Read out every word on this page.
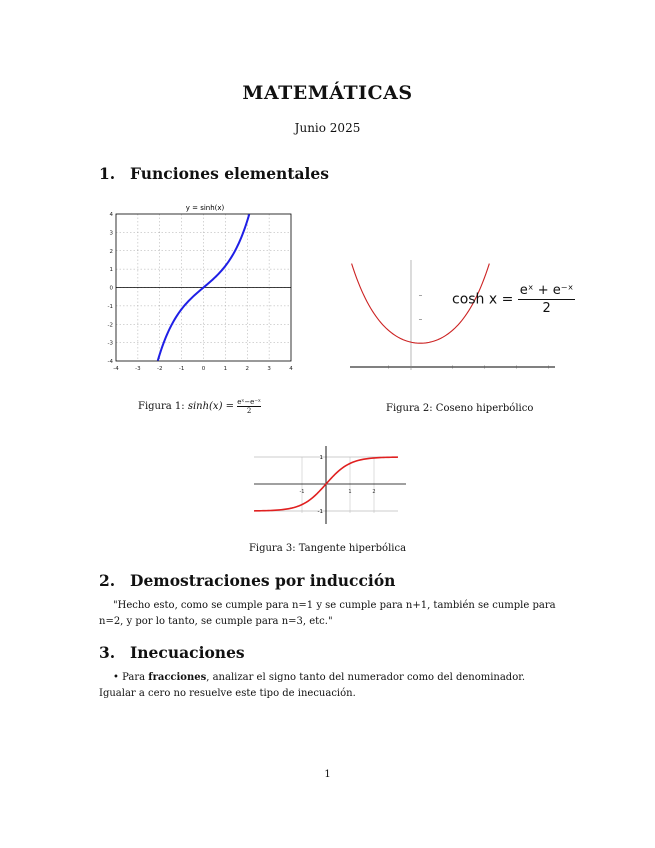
MATEMÁTICAS
Junio 2025
1. Funciones elementales
y = sinh(x)
-4	-3	-2	-1	0	1	2	3	4
4
3
2
1
0
-1
-2
-3
-4
Figura 1: $\sinh(x) = \frac{\text{eˣ−e⁻ˣ}}{2}$
$\cosh x = \frac{\text{eˣ + e⁻ˣ}}{2}$
Figura 2: Coseno hiperbólico
1
-1
-1	1	2
Figura 3: Tangente hiperbólica
2. Demostraciones por inducción
"Hecho esto, como se cumple para n=1 y se cumple para n+1, también se cumple para n=2, y por lo tanto, se cumple para n=3, etc."
3. Inecuaciones
• Para fracciones, analizar el signo tanto del numerador como del denominador. Igualar a cero no resuelve este tipo de inecuación.
1
